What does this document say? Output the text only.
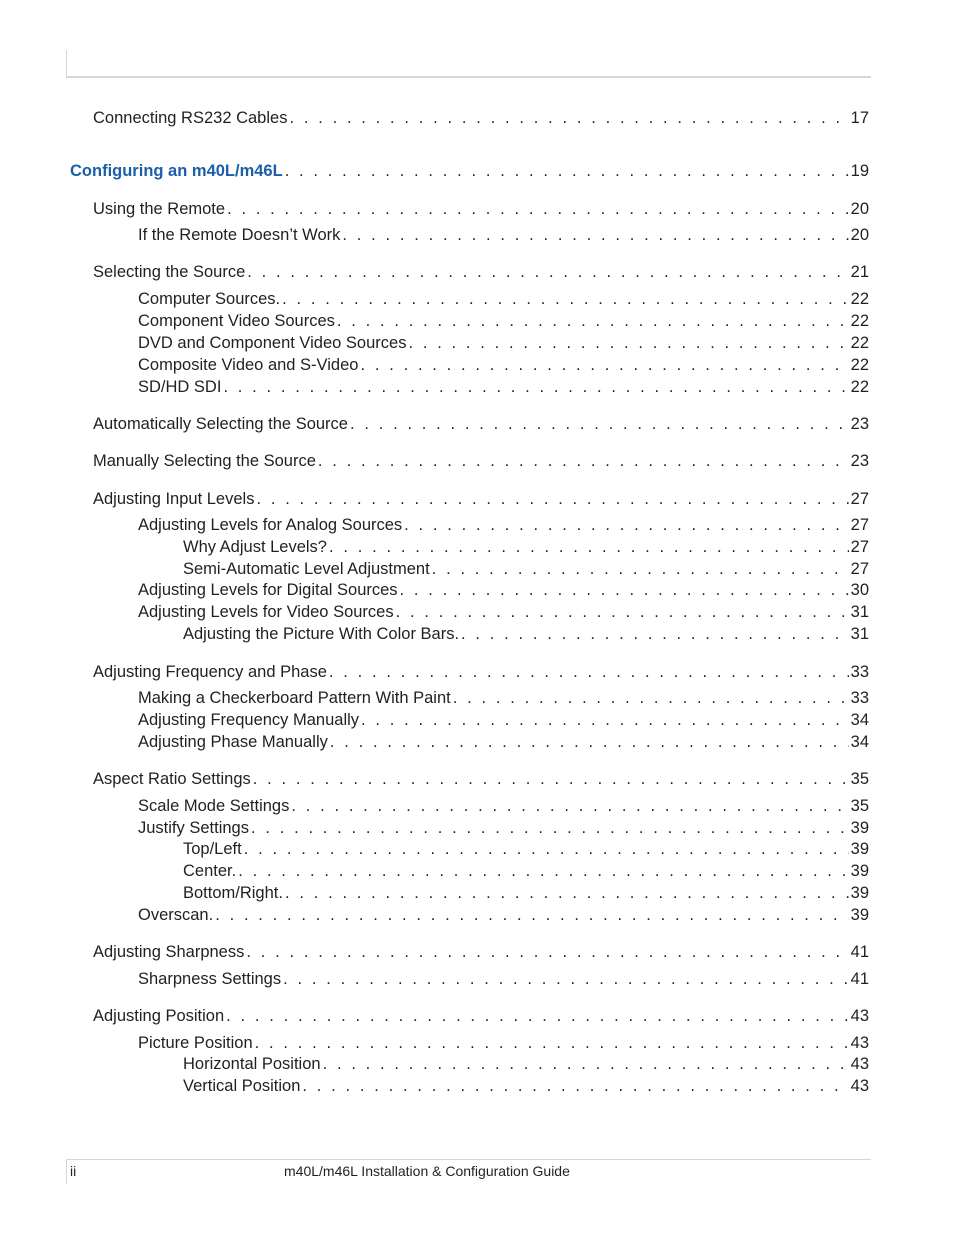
Connecting RS232 Cables . . .	17
Configuring an m40L/m46L . . .	19
Using the Remote . . .	20
If the Remote Doesn’t Work . . .	20
Selecting the Source . . .	21
Computer Sources. . . .	22
Component Video Sources . . .	22
DVD and Component Video Sources . . .	22
Composite Video and S-Video . . .	22
SD/HD SDI . . .	22
Automatically Selecting the Source . . .	23
Manually Selecting the Source . . .	23
Adjusting Input Levels . . .	27
Adjusting Levels for Analog Sources . . .	27
Why Adjust Levels? . . .	27
Semi-Automatic Level Adjustment . . .	27
Adjusting Levels for Digital Sources . . .	30
Adjusting Levels for Video Sources . . .	31
Adjusting the Picture With Color Bars. . . .	31
Adjusting Frequency and Phase . . .	33
Making a Checkerboard Pattern With Paint . . .	33
Adjusting Frequency Manually . . .	34
Adjusting Phase Manually . . .	34
Aspect Ratio Settings . . .	35
Scale Mode Settings . . .	35
Justify Settings . . .	39
Top/Left . . .	39
Center. . . .	39
Bottom/Right. . . .	39
Overscan. . . .	39
Adjusting Sharpness . . .	41
Sharpness Settings . . .	41
Adjusting Position . . .	43
Picture Position . . .	43
Horizontal Position . . .	43
Vertical Position . . .	43
ii	m40L/m46L Installation & Configuration Guide
